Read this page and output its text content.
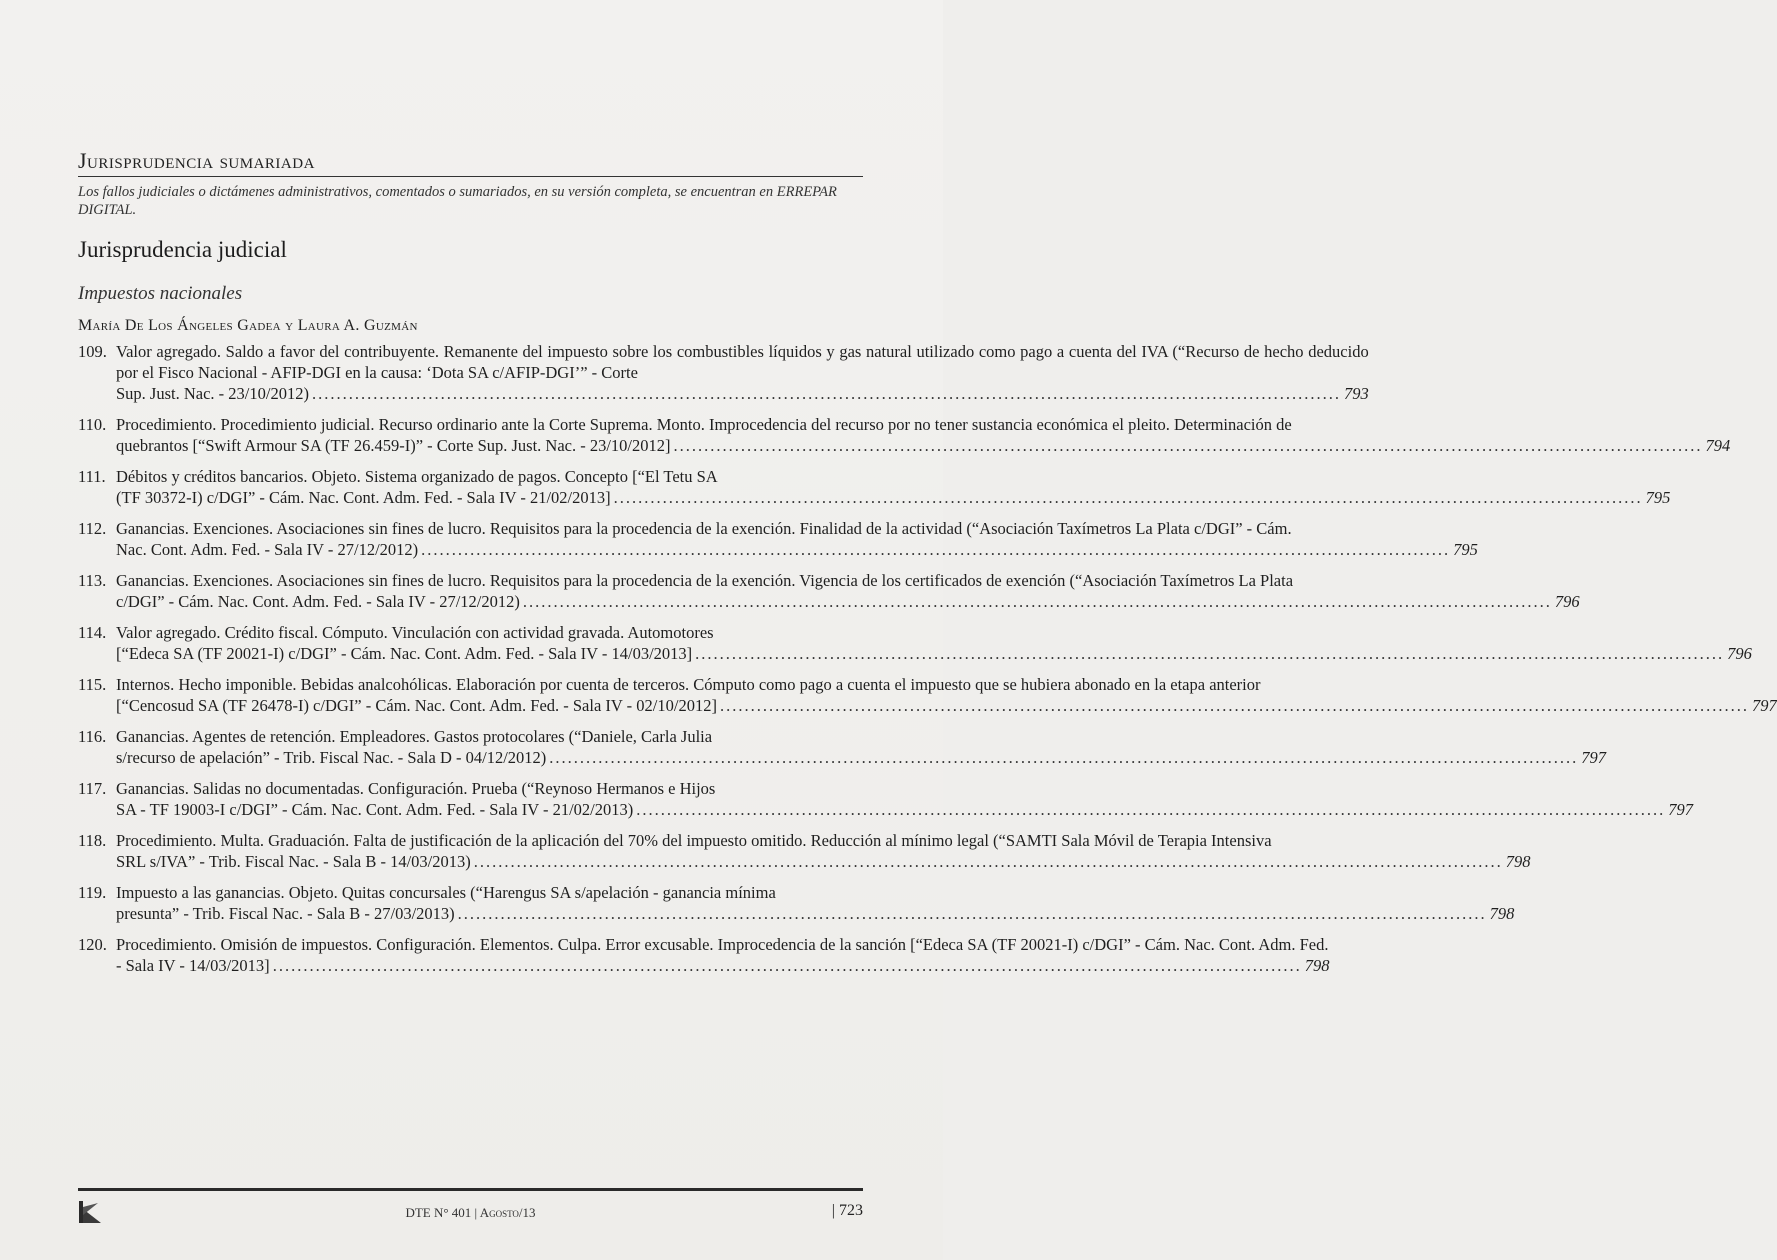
Jurisprudencia sumariada

Los fallos judiciales o dictámenes administrativos, comentados o sumariados, en su versión completa, se encuentran en ERREPAR DIGITAL.

Jurisprudencia judicial
Impuestos nacionales
María De Los Ángeles Gadea y Laura A. Guzmán
109. Valor agregado. Saldo a favor del contribuyente. Remanente del impuesto sobre los combustibles líquidos y gas natural utilizado como pago a cuenta del IVA (“Recurso de hecho deducido por el Fisco Nacional - AFIP-DGI en la causa: ‘Dota SA c/AFIP-DGI’” - Corte
Sup. Just. Nac. - 23/10/2012) .....	793
110. Procedimiento. Procedimiento judicial. Recurso ordinario ante la Corte Suprema. Monto. Improcedencia del recurso por no tener sustancia económica el pleito. Determinación de
quebrantos [“Swift Armour SA (TF 26.459-I)” - Corte Sup. Just. Nac. - 23/10/2012] .....	794
111. Débitos y créditos bancarios. Objeto. Sistema organizado de pagos. Concepto [“El Tetu SA
(TF 30372-I) c/DGI” - Cám. Nac. Cont. Adm. Fed. - Sala IV - 21/02/2013] .....	795
112. Ganancias. Exenciones. Asociaciones sin fines de lucro. Requisitos para la procedencia de la exención. Finalidad de la actividad (“Asociación Taxímetros La Plata c/DGI” - Cám.
Nac. Cont. Adm. Fed. - Sala IV - 27/12/2012) .....	795
113. Ganancias. Exenciones. Asociaciones sin fines de lucro. Requisitos para la procedencia de la exención. Vigencia de los certificados de exención (“Asociación Taxímetros La Plata
c/DGI” - Cám. Nac. Cont. Adm. Fed. - Sala IV - 27/12/2012) .....	796
114. Valor agregado. Crédito fiscal. Cómputo. Vinculación con actividad gravada. Automotores
[“Edeca SA (TF 20021-I) c/DGI” - Cám. Nac. Cont. Adm. Fed. - Sala IV - 14/03/2013] .....	796
115. Internos. Hecho imponible. Bebidas analcohólicas. Elaboración por cuenta de terceros. Cómputo como pago a cuenta el impuesto que se hubiera abonado en la etapa anterior
[“Cencosud SA (TF 26478-I) c/DGI” - Cám. Nac. Cont. Adm. Fed. - Sala IV - 02/10/2012] .....	797
116. Ganancias. Agentes de retención. Empleadores. Gastos protocolares (“Daniele, Carla Julia
s/recurso de apelación” - Trib. Fiscal Nac. - Sala D - 04/12/2012) .....	797
117. Ganancias. Salidas no documentadas. Configuración. Prueba (“Reynoso Hermanos e Hijos
SA - TF 19003-I c/DGI” - Cám. Nac. Cont. Adm. Fed. - Sala IV - 21/02/2013) .....	797
118. Procedimiento. Multa. Graduación. Falta de justificación de la aplicación del 70% del impuesto omitido. Reducción al mínimo legal (“SAMTI Sala Móvil de Terapia Intensiva
SRL s/IVA” - Trib. Fiscal Nac. - Sala B - 14/03/2013) .....	798
119. Impuesto a las ganancias. Objeto. Quitas concursales (“Harengus SA s/apelación - ganancia mínima
presunta” - Trib. Fiscal Nac. - Sala B - 27/03/2013) .....	798
120. Procedimiento. Omisión de impuestos. Configuración. Elementos. Culpa. Error excusable. Improcedencia de la sanción [“Edeca SA (TF 20021-I) c/DGI” - Cám. Nac. Cont. Adm. Fed.
- Sala IV - 14/03/2013] .....	798
DTE N° 401 | Agosto/13	| 723
